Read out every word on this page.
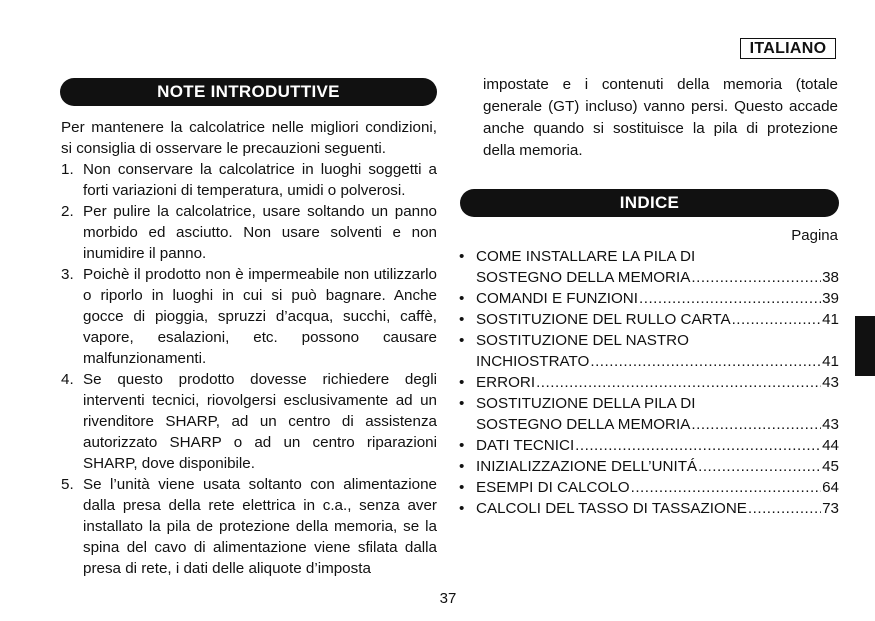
ITALIANO
NOTE INTRODUTTIVE

Per mantenere la calcolatrice nelle migliori condizioni, si consiglia di osservare le precauzioni seguenti.

1. Non conservare la calcolatrice in luoghi soggetti a forti variazioni di temperatura, umidi o polverosi.
2. Per pulire la calcolatrice, usare soltando un panno morbido ed asciutto. Non usare solventi e non inumidire il panno.
3. Poichè il prodotto non è impermeabile non utilizzarlo o riporlo in luoghi in cui si può bagnare. Anche gocce di pioggia, spruzzi d’acqua, succhi, caffè, vapore, esalazioni, etc. possono causare malfunzionamenti.
4. Se questo prodotto dovesse richiedere degli interventi tecnici, riovolgersi esclusivamente ad un rivenditore SHARP, ad un centro di assistenza autorizzato SHARP o ad un centro riparazioni SHARP, dove disponibile.
5. Se l’unità viene usata soltanto con alimentazione dalla presa della rete elettrica in c.a., senza aver installato la pila de protezione della memoria, se la spina del cavo di alimentazione viene sfilata dalla presa di rete, i dati delle aliquote d’imposta
impostate e i contenuti della memoria (totale generale (GT) incluso) vanno persi. Questo accade anche quando si sostituisce la pila di protezione della memoria.
INDICE
Pagina
• COME INSTALLARE LA PILA DI
SOSTEGNO DELLA MEMORIA .....	38
• COMANDI E FUNZIONI .....	39
• SOSTITUZIONE DEL RULLO CARTA .....	41
• SOSTITUZIONE DEL NASTRO
INCHIOSTRATO .....	41
• ERRORI .....	43
• SOSTITUZIONE DELLA PILA DI
SOSTEGNO DELLA MEMORIA .....	43
• DATI TECNICI .....	44
• INIZIALIZZAZIONE DELL’UNITÁ .....	45
• ESEMPI DI CALCOLO .....	64
• CALCOLI DEL TASSO DI TASSAZIONE .....	73
37
